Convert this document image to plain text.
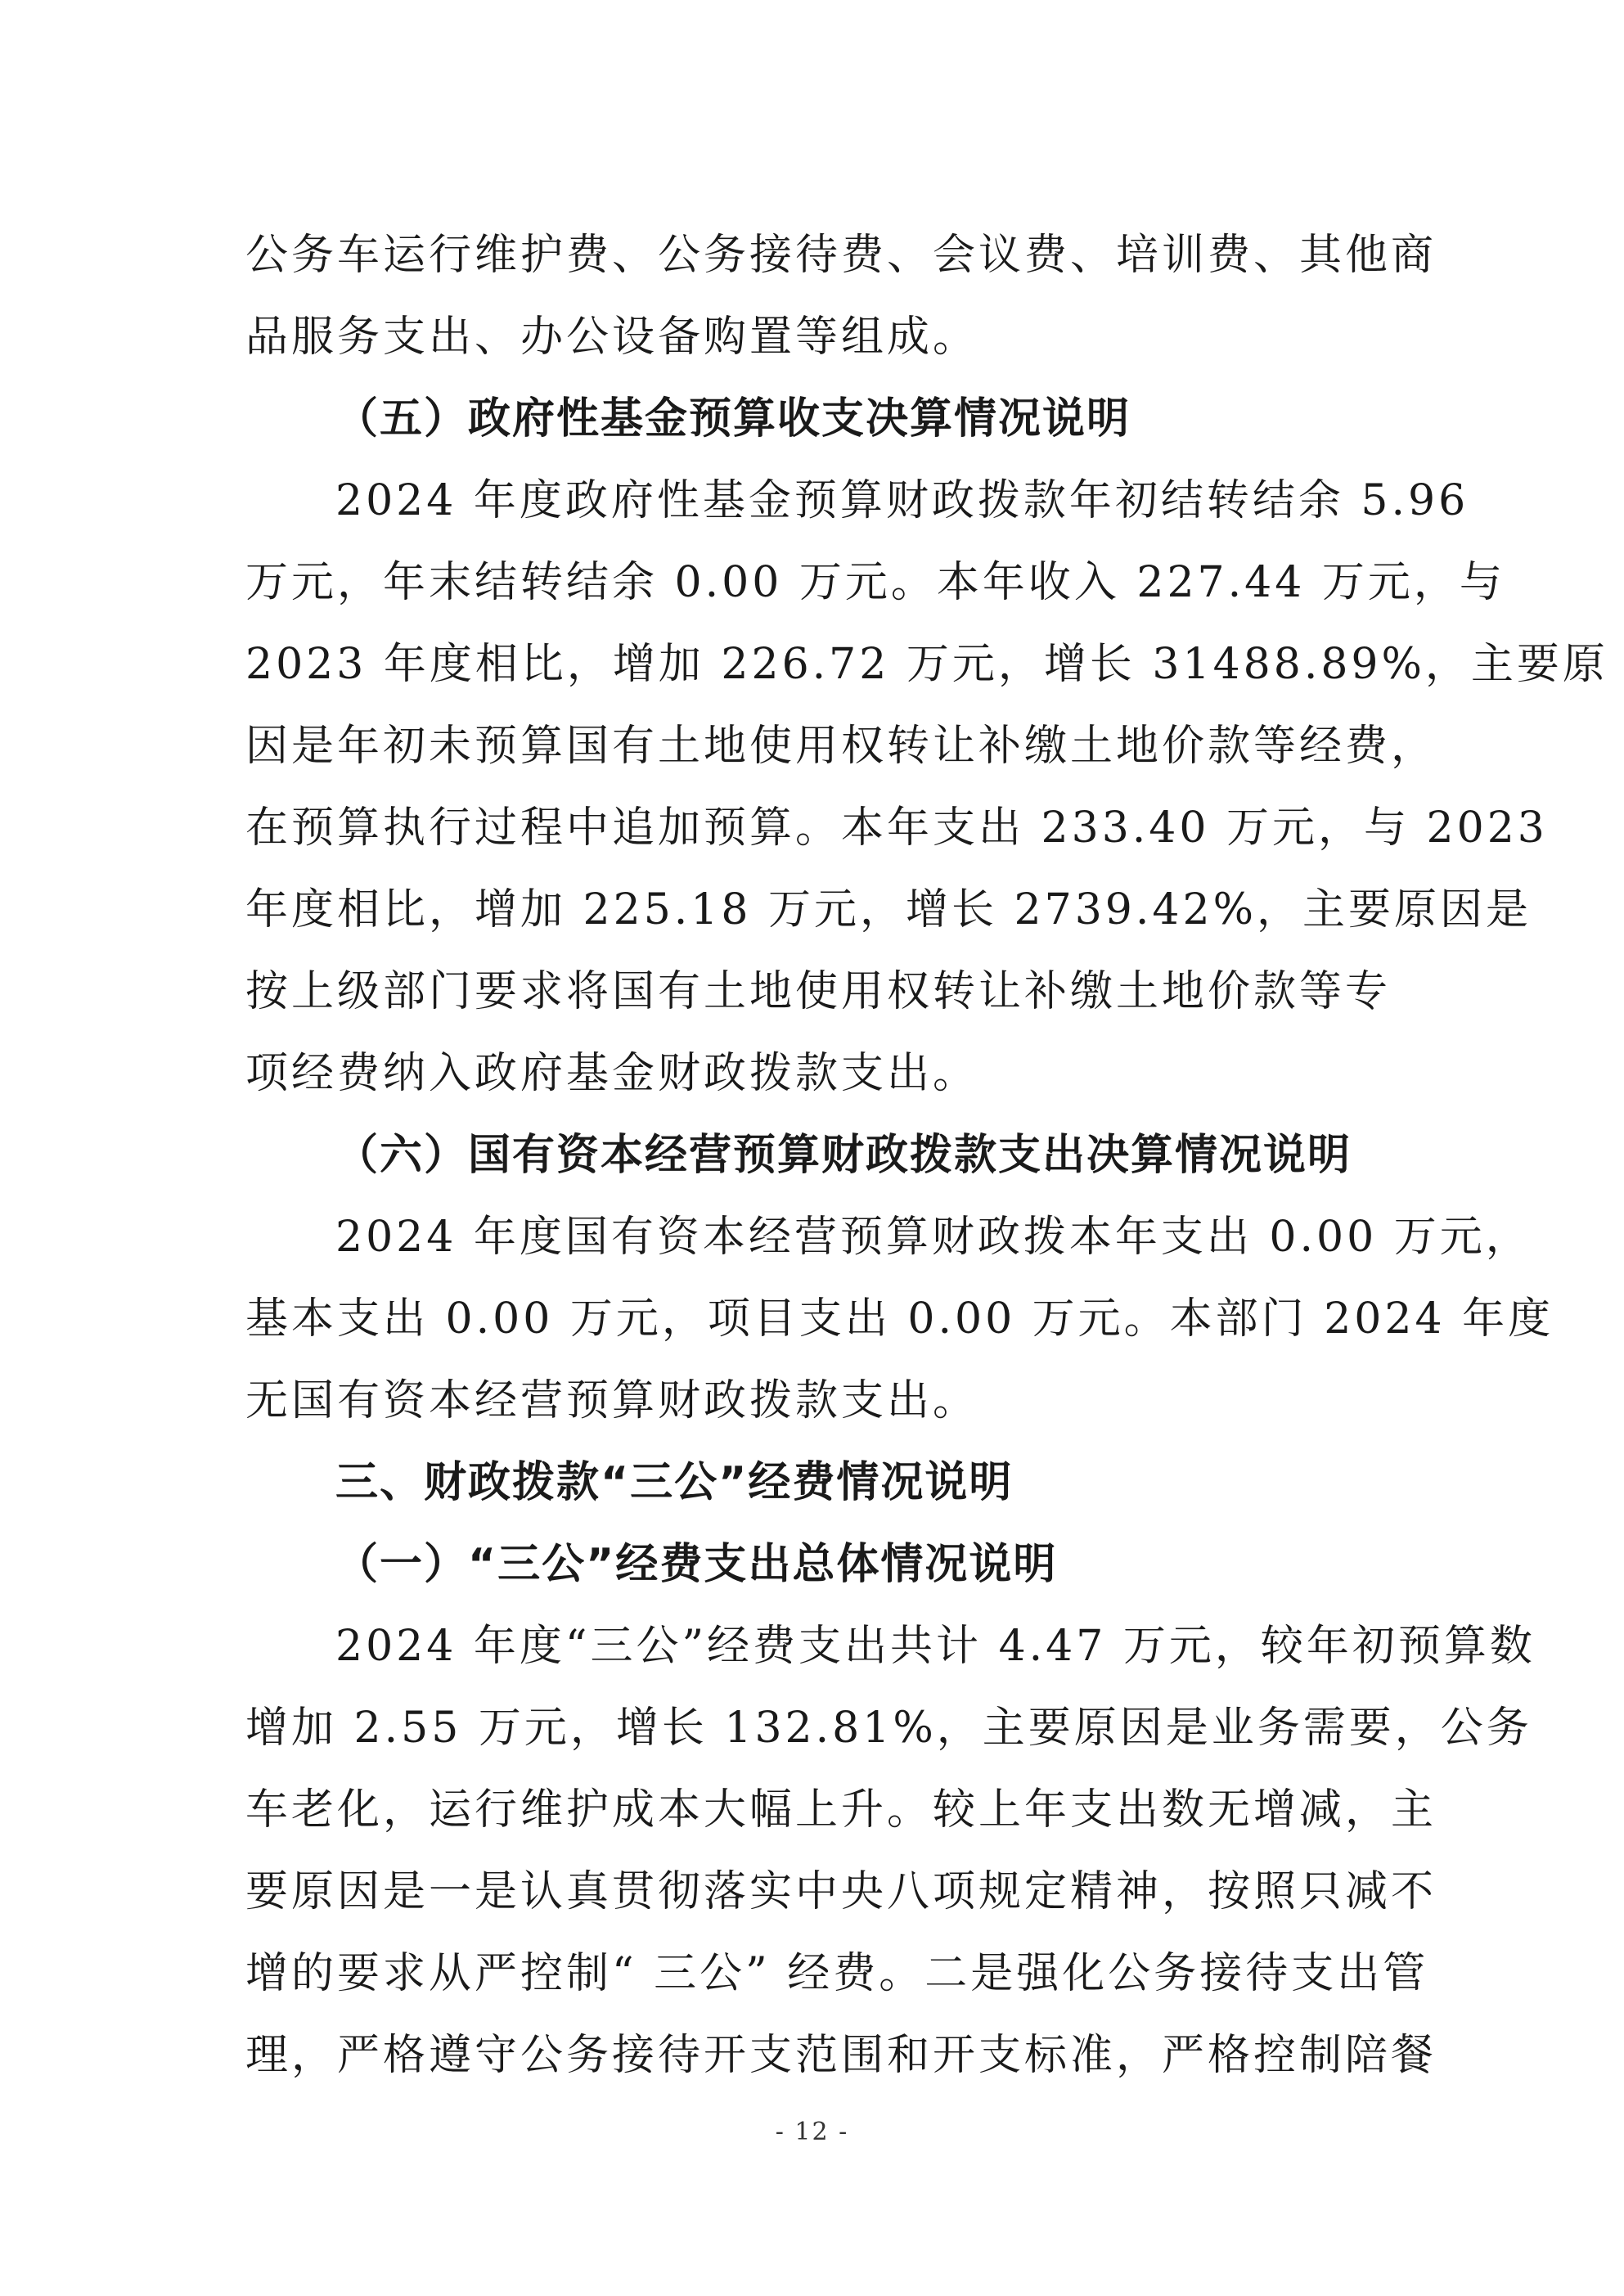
公务车运行维护费、公务接待费、会议费、培训费、其他商
品服务支出、办公设备购置等组成。
（五）政府性基金预算收支决算情况说明
2024 年度政府性基金预算财政拨款年初结转结余 5.96
万元，年末结转结余 0.00 万元。本年收入 227.44 万元，与
2023 年度相比，增加 226.72 万元，增长 31488.89%，主要原
因是年初未预算国有土地使用权转让补缴土地价款等经费，
在预算执行过程中追加预算。本年支出 233.40 万元，与 2023
年度相比，增加 225.18 万元，增长 2739.42%，主要原因是
按上级部门要求将国有土地使用权转让补缴土地价款等专
项经费纳入政府基金财政拨款支出。
（六）国有资本经营预算财政拨款支出决算情况说明
2024 年度国有资本经营预算财政拨本年支出 0.00 万元，
基本支出 0.00 万元，项目支出 0.00 万元。本部门 2024 年度
无国有资本经营预算财政拨款支出。
三、财政拨款“三公”经费情况说明
（一）“三公”经费支出总体情况说明
2024 年度“三公”经费支出共计 4.47 万元，较年初预算数
增加 2.55 万元，增长 132.81%，主要原因是业务需要，公务
车老化，运行维护成本大幅上升。较上年支出数无增减，主
要原因是一是认真贯彻落实中央八项规定精神，按照只减不
增的要求从严控制“ 三公” 经费。二是强化公务接待支出管
理，严格遵守公务接待开支范围和开支标准，严格控制陪餐
- 12 -
